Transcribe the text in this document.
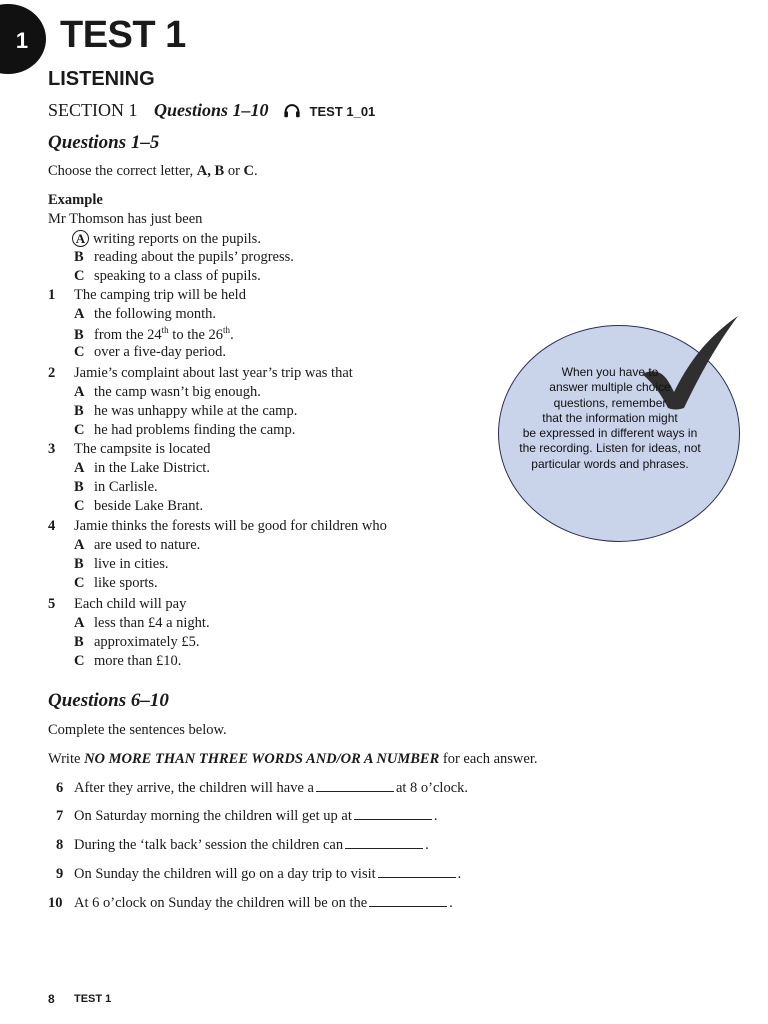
1 TEST 1
LISTENING
SECTION 1 Questions 1–10	TEST 1_01
Questions 1–5
Choose the correct letter, A, B or C.
Example
Mr Thomson has just been
A writing reports on the pupils.
B reading about the pupils’ progress.
C speaking to a class of pupils.
1 The camping trip will be held
A the following month.
B from the 24th to the 26th.
C over a five-day period.
2 Jamie’s complaint about last year’s trip was that
A the camp wasn’t big enough.
B he was unhappy while at the camp.
C he had problems finding the camp.
3 The campsite is located
A in the Lake District.
B in Carlisle.
C beside Lake Brant.
4 Jamie thinks the forests will be good for children who
A are used to nature.
B live in cities.
C like sports.
5 Each child will pay
A less than £4 a night.
B approximately £5.
C more than £10.
When you have to
answer multiple choice
questions, remember
that the information might
be expressed in different ways in
the recording. Listen for ideas, not
particular words and phrases.
Questions 6–10
Complete the sentences below.
Write NO MORE THAN THREE WORDS AND/OR A NUMBER for each answer.
6 After they arrive, the children will have a	at 8 o’clock.
7 On Saturday morning the children will get up at	.
8 During the ‘talk back’ session the children can	.
9 On Sunday the children will go on a day trip to visit	.
10 At 6 o’clock on Sunday the children will be on the	.
8 TEST 1
